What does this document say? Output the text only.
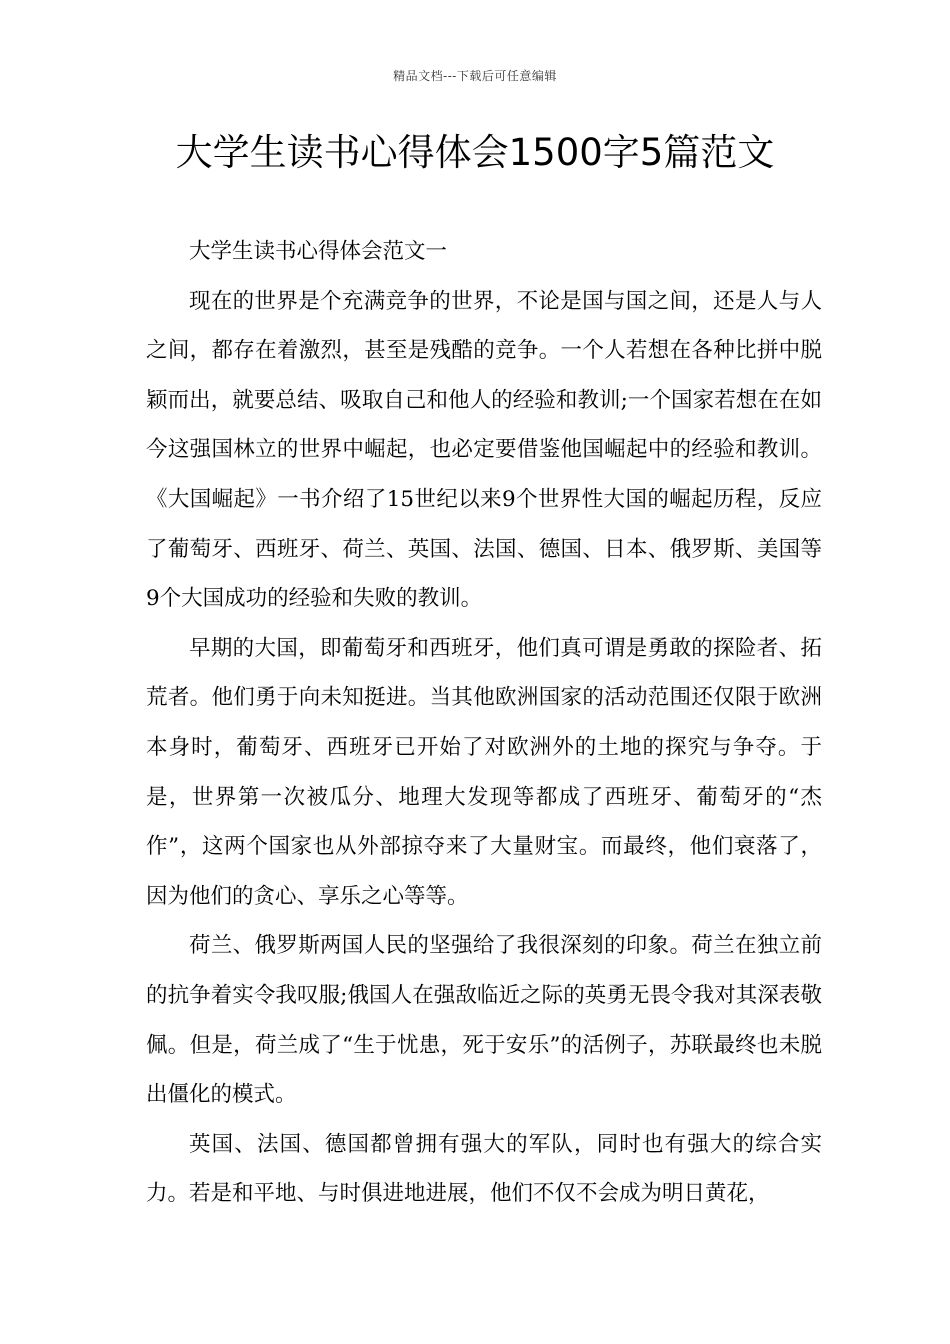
精品文档---下载后可任意编辑
大学生读书心得体会1500字5篇范文

大学生读书心得体会范文一

现在的世界是个充满竞争的世界，不论是国与国之间，还是人与人之间，都存在着激烈，甚至是残酷的竞争。一个人若想在各种比拼中脱颖而出，就要总结、吸取自己和他人的经验和教训;一个国家若想在在如今这强国林立的世界中崛起，也必定要借鉴他国崛起中的经验和教训。《大国崛起》一书介绍了15世纪以来9个世界性大国的崛起历程，反应了葡萄牙、西班牙、荷兰、英国、法国、德国、日本、俄罗斯、美国等9个大国成功的经验和失败的教训。

早期的大国，即葡萄牙和西班牙，他们真可谓是勇敢的探险者、拓荒者。他们勇于向未知挺进。当其他欧洲国家的活动范围还仅限于欧洲本身时，葡萄牙、西班牙已开始了对欧洲外的土地的探究与争夺。于是，世界第一次被瓜分、地理大发现等都成了西班牙、葡萄牙的“杰作”，这两个国家也从外部掠夺来了大量财宝。而最终，他们衰落了，因为他们的贪心、享乐之心等等。

荷兰、俄罗斯两国人民的坚强给了我很深刻的印象。荷兰在独立前的抗争着实令我叹服;俄国人在强敌临近之际的英勇无畏令我对其深表敬佩。但是，荷兰成了“生于忧患，死于安乐”的活例子，苏联最终也未脱出僵化的模式。

英国、法国、德国都曾拥有强大的军队，同时也有强大的综合实力。若是和平地、与时俱进地进展，他们不仅不会成为明日黄花，
